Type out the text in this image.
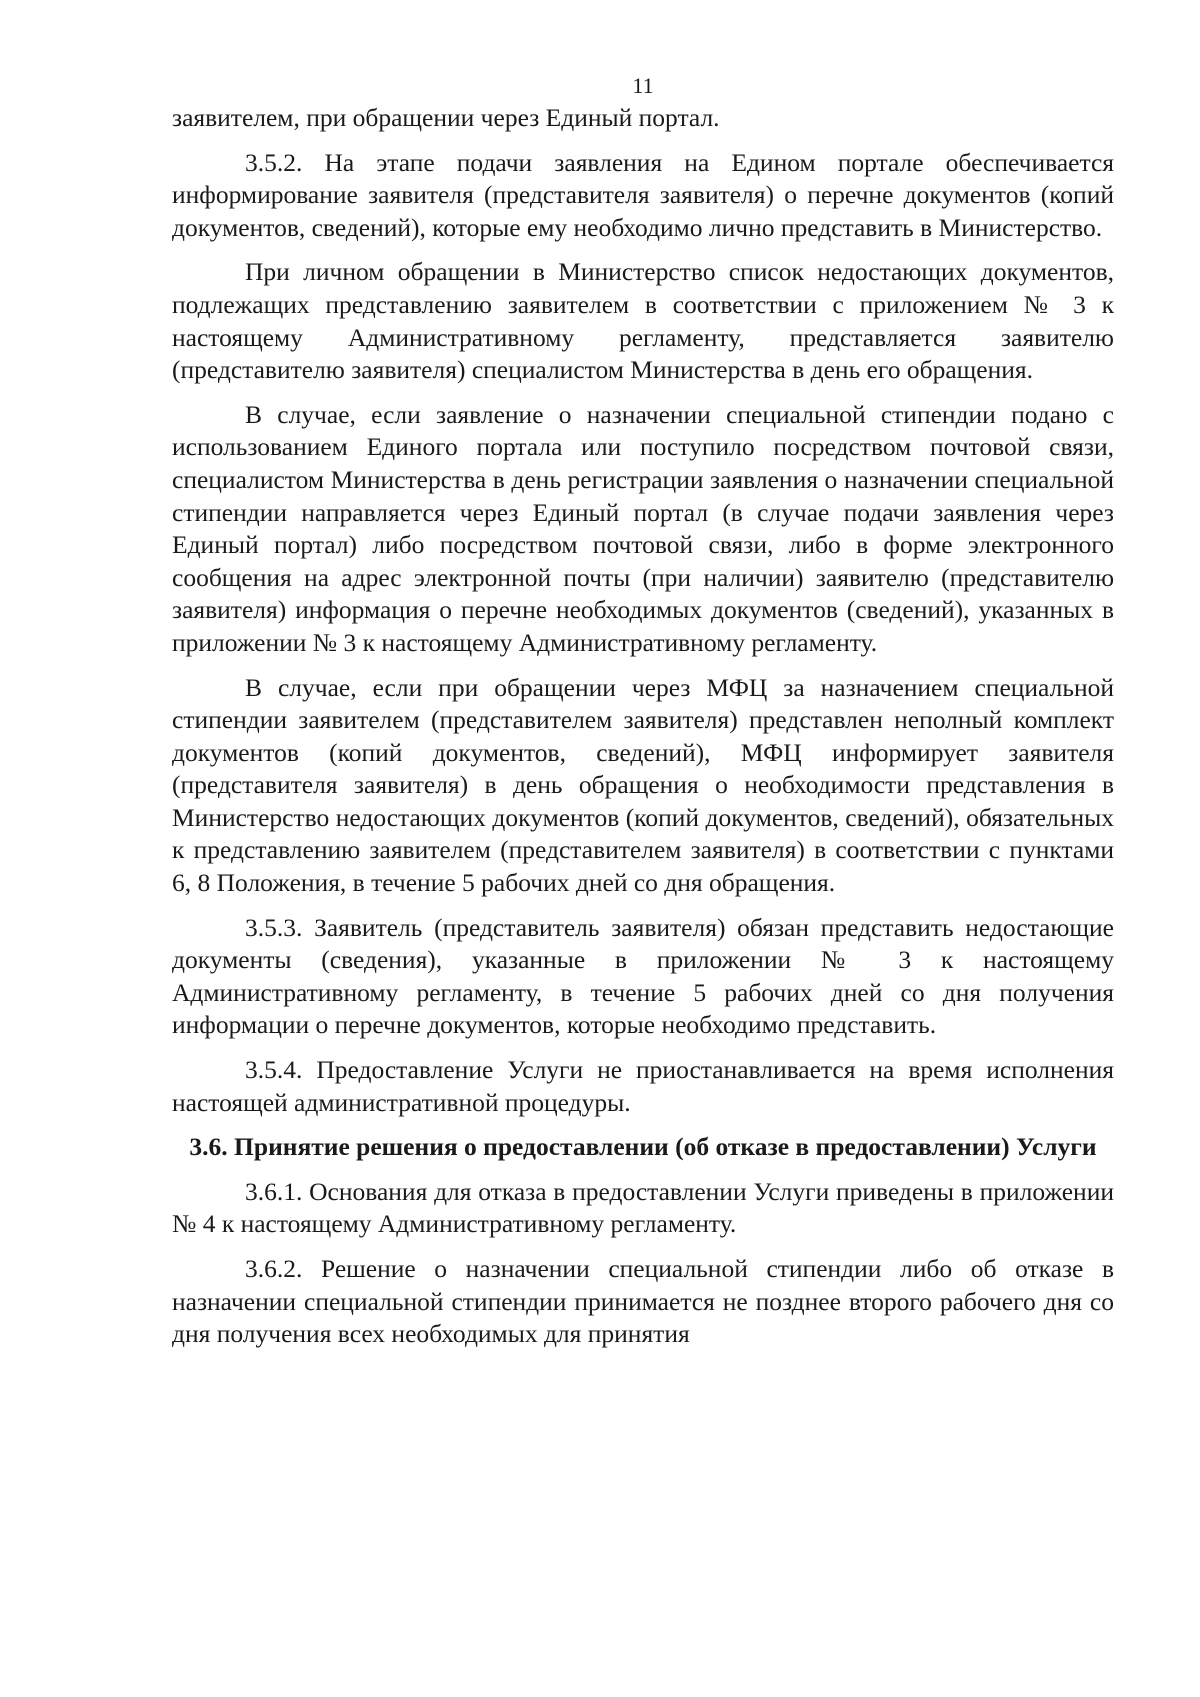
11

заявителем, при обращении через Единый портал.

3.5.2. На этапе подачи заявления на Едином портале обеспечивается информирование заявителя (представителя заявителя) о перечне документов (копий документов, сведений), которые ему необходимо лично представить в Министерство.

При личном обращении в Министерство список недостающих документов, подлежащих представлению заявителем в соответствии с приложением № 3 к настоящему Административному регламенту, представляется заявителю (представителю заявителя) специалистом Министерства в день его обращения.

В случае, если заявление о назначении специальной стипендии подано с использованием Единого портала или поступило посредством почтовой связи, специалистом Министерства в день регистрации заявления о назначении специальной стипендии направляется через Единый портал (в случае подачи заявления через Единый портал) либо посредством почтовой связи, либо в форме электронного сообщения на адрес электронной почты (при наличии) заявителю (представителю заявителя) информация о перечне необходимых документов (сведений), указанных в приложении № 3 к настоящему Административному регламенту.

В случае, если при обращении через МФЦ за назначением специальной стипендии заявителем (представителем заявителя) представлен неполный комплект документов (копий документов, сведений), МФЦ информирует заявителя (представителя заявителя) в день обращения о необходимости представления в Министерство недостающих документов (копий документов, сведений), обязательных к представлению заявителем (представителем заявителя) в соответствии с пунктами 6, 8 Положения, в течение 5 рабочих дней со дня обращения.

3.5.3. Заявитель (представитель заявителя) обязан представить недостающие документы (сведения), указанные в приложении № 3 к настоящему Административному регламенту, в течение 5 рабочих дней со дня получения информации о перечне документов, которые необходимо представить.

3.5.4. Предоставление Услуги не приостанавливается на время исполнения настоящей административной процедуры.

3.6. Принятие решения о предоставлении (об отказе в предоставлении) Услуги

3.6.1. Основания для отказа в предоставлении Услуги приведены в приложении № 4 к настоящему Административному регламенту.

3.6.2. Решение о назначении специальной стипендии либо об отказе в назначении специальной стипендии принимается не позднее второго рабочего дня со дня получения всех необходимых для принятия
